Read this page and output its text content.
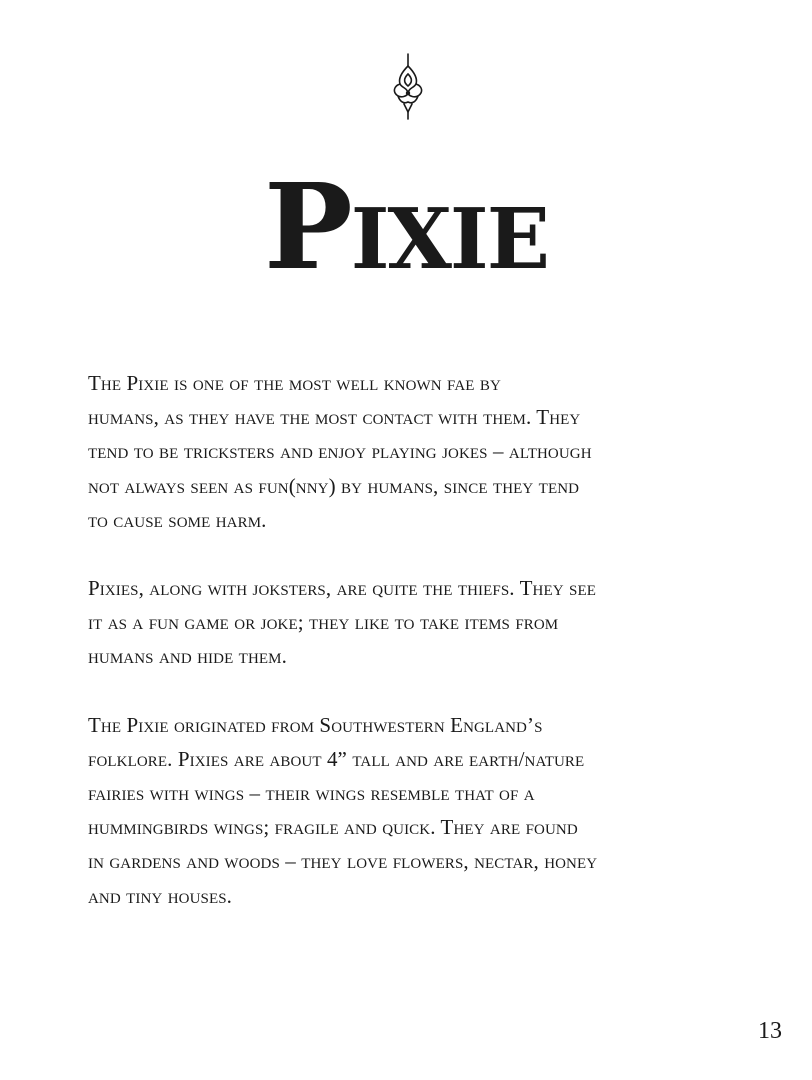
Pixie

The Pixie is one of the most well known fae by
humans, as they have the most contact with them. They
tend to be tricksters and enjoy playing jokes – although
not always seen as fun(nny) by humans, since they tend
to cause some harm.

Pixies, along with joksters, are quite the thiefs. They see
it as a fun game or joke; they like to take items from
humans and hide them.

The Pixie originated from Southwestern England’s
folklore. Pixies are about 4” tall and are earth/nature
fairies with wings – their wings resemble that of a
hummingbirds wings; fragile and quick. They are found
in gardens and woods – they love flowers, nectar, honey
and tiny houses.

13
